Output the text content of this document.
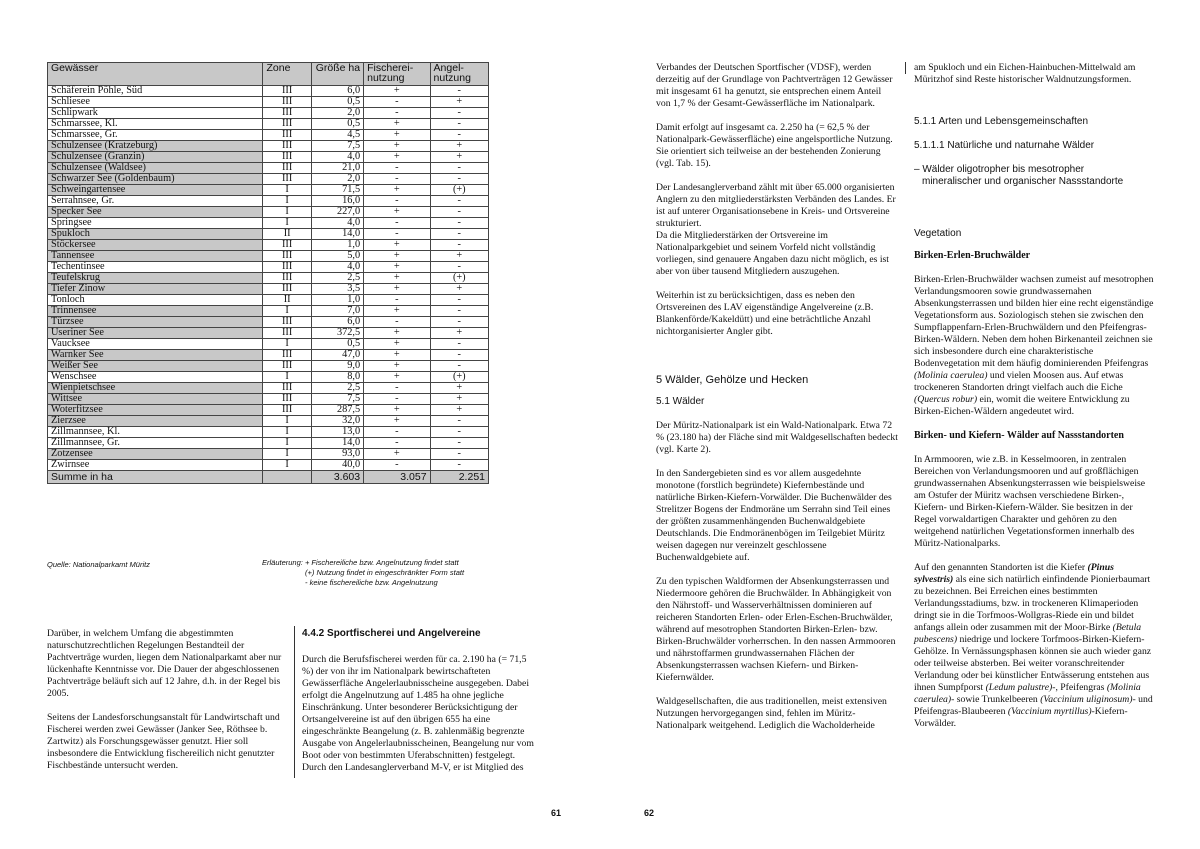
Gewässer	Zone	Größe ha	Fischerei-nutzung	Angel-nutzung
Schäferein Pöhle, Süd	III	6,0	+	-
Schliesee	III	0,5	-	+
Schlipwark	III	2,0	-	-
Schmarssee, Kl.	III	0,5	+	-
Schmarssee, Gr.	III	4,5	+	-
Schulzensee (Kratzeburg)	III	7,5	+	+
Schulzensee (Granzin)	III	4,0	+	+
Schulzensee (Waldsee)	III	21,0	-	-
Schwarzer See (Goldenbaum)	III	2,0	-	-
Schweingartensee	I	71,5	+	(+)
Serrahnsee, Gr.	I	16,0	-	-
Specker See	I	227,0	+	-
Springsee	I	4,0	-	-
Spukloch	II	14,0	-	-
Stöckersee	III	1,0	+	-
Tannensee	III	5,0	+	+
Techentinsee	III	4,0	+	-
Teufelskrug	III	2,5	+	(+)
Tiefer Zinow	III	3,5	+	+
Tonloch	II	1,0	-	-
Trinnensee	I	7,0	+	-
Türzsee	III	6,0	-	-
Useriner See	III	372,5	+	+
Vaucksee	I	0,5	+	-
Warnker See	III	47,0	+	-
Weißer See	III	9,0	+	-
Wenschsee	I	8,0	+	(+)
Wienpietschsee	III	2,5	-	+
Wittsee	III	7,5	-	+
Woterfitzsee	III	287,5	+	+
Zierzsee	I	32,0	+	-
Zillmannsee, Kl.	I	13,0	-	-
Zillmannsee, Gr.	I	14,0	-	-
Zotzensee	I	93,0	+	-
Zwirnsee	I	40,0	-	-
Summe in ha		3.603	3.057	2.251
Quelle: Nationalparkamt Müritz	Erläuterung: + Fischereiliche bzw. Angelnutzung findet statt
(+) Nutzung findet in eingeschränkter Form statt
- keine fischereiliche bzw. Angelnutzung

Darüber, in welchem Umfang die abgestimmten naturschutzrechtlichen Regelungen Bestandteil der Pachtverträge wurden, liegen dem Nationalparkamt aber nur lückenhafte Kenntnisse vor. Die Dauer der abgeschlossenen Pachtverträge beläuft sich auf 12 Jahre, d.h. in der Regel bis 2005.

Seitens der Landesforschungsanstalt für Landwirtschaft und Fischerei werden zwei Gewässer (Janker See, Röthsee b. Zartwitz) als Forschungsgewässer genutzt. Hier soll insbesondere die Entwicklung fischereilich nicht genutzter Fischbestände untersucht werden.

4.4.2 Sportfischerei und Angelvereine

Durch die Berufsfischerei werden für ca. 2.190 ha (= 71,5 %) der von ihr im Nationalpark bewirtschafteten Gewässerfläche Angelerlaubnisscheine ausgegeben. Dabei erfolgt die Angelnutzung auf 1.485 ha ohne jegliche Einschränkung. Unter besonderer Berücksichtigung der Ortsangelvereine ist auf den übrigen 655 ha eine eingeschränkte Beangelung (z. B. zahlenmäßig begrenzte Ausgabe von Angelerlaubnisscheinen, Beangelung nur vom Boot oder von bestimmten Uferabschnitten) festgelegt. Durch den Landesanglerverband M-V, er ist Mitglied des

61

Verbandes der Deutschen Sportfischer (VDSF), werden derzeitig auf der Grundlage von Pachtverträgen 12 Gewässer mit insgesamt 61 ha genutzt, sie entsprechen einem Anteil von 1,7 % der Gesamt-Gewässerfläche im Nationalpark.

Damit erfolgt auf insgesamt ca. 2.250 ha (= 62,5 % der Nationalpark-Gewässerfläche) eine angelsportliche Nutzung. Sie orientiert sich teilweise an der bestehenden Zonierung (vgl. Tab. 15).

Der Landesanglerverband zählt mit über 65.000 organisierten Anglern zu den mitgliederstärksten Verbänden des Landes. Er ist auf unterer Organisationsebene in Kreis- und Ortsvereine strukturiert.

Da die Mitgliederstärken der Ortsvereine im Nationalparkgebiet und seinem Vorfeld nicht vollständig vorliegen, sind genauere Angaben dazu nicht möglich, es ist aber von über tausend Mitgliedern auszugehen.

Weiterhin ist zu berücksichtigen, dass es neben den Ortsvereinen des LAV eigenständige Angelvereine (z.B. Blankenförde/Kakeldütt) und eine beträchtliche Anzahl nichtorganisierter Angler gibt.

5 Wälder, Gehölze und Hecken
5.1 Wälder

Der Müritz-Nationalpark ist ein Wald-Nationalpark. Etwa 72 % (23.180 ha) der Fläche sind mit Waldgesellschaften bedeckt (vgl. Karte 2).

In den Sandergebieten sind es vor allem ausgedehnte monotone (forstlich begründete) Kiefernbestände und natürliche Birken-Kiefern-Vorwälder. Die Buchenwälder des Strelitzer Bogens der Endmoräne um Serrahn sind Teil eines der größten zusammenhängenden Buchenwaldgebiete Deutschlands. Die Endmoränenbögen im Teilgebiet Müritz weisen dagegen nur vereinzelt geschlossene Buchenwaldgebiete auf.

Zu den typischen Waldformen der Absenkungsterrassen und Niedermoore gehören die Bruchwälder. In Abhängigkeit von den Nährstoff- und Wasserverhältnissen dominieren auf reicheren Standorten Erlen- oder Erlen-Eschen-Bruchwälder, während auf mesotrophen Standorten Birken-Erlen- bzw. Birken-Bruchwälder vorherrschen. In den nassen Armmooren und nährstoffarmen grundwassernahen Flächen der Absenkungsterrassen wachsen Kiefern- und Birken-Kiefernwälder.

Waldgesellschaften, die aus traditionellen, meist extensiven Nutzungen hervorgegangen sind, fehlen im Müritz-Nationalpark weitgehend. Lediglich die Wacholderheide

am Spukloch und ein Eichen-Hainbuchen-Mittelwald am Müritzhof sind Reste historischer Waldnutzungsformen.

5.1.1 Arten und Lebensgemeinschaften
5.1.1.1 Natürliche und naturnahe Wälder
– Wälder oligotropher bis mesotropher
mineralischer und organischer Nassstandorte
Vegetation
Birken-Erlen-Bruchwälder

Birken-Erlen-Bruchwälder wachsen zumeist auf mesotrophen Verlandungsmooren sowie grundwassernahen Absenkungsterrassen und bilden hier eine recht eigenständige Vegetationsform aus. Soziologisch stehen sie zwischen den Sumpflappenfarn-Erlen-Bruchwäldern und den Pfeifengras-Birken-Wäldern. Neben dem hohen Birkenanteil zeichnen sie sich insbesondere durch eine charakteristische Bodenvegetation mit dem häufig dominierenden Pfeifengras (Molinia caerulea) und vielen Moosen aus. Auf etwas trockeneren Standorten dringt vielfach auch die Eiche (Quercus robur) ein, womit die weitere Entwicklung zu Birken-Eichen-Wäldern angedeutet wird.

Birken- und Kiefern- Wälder auf Nassstandorten

In Armmooren, wie z.B. in Kesselmooren, in zentralen Bereichen von Verlandungsmooren und auf großflächigen grundwassernahen Absenkungsterrassen wie beispielsweise am Ostufer der Müritz wachsen verschiedene Birken-, Kiefern- und Birken-Kiefern-Wälder. Sie besitzen in der Regel vorwaldartigen Charakter und gehören zu den weitgehend natürlichen Vegetationsformen innerhalb des Müritz-Nationalparks.

Auf den genannten Standorten ist die Kiefer (Pinus sylvestris) als eine sich natürlich einfindende Pionierbaumart zu bezeichnen. Bei Erreichen eines bestimmten Verlandungsstadiums, bzw. in trockeneren Klimaperioden dringt sie in die Torfmoos-Wollgras-Riede ein und bildet anfangs allein oder zusammen mit der Moor-Birke (Betula pubescens) niedrige und lockere Torfmoos-Birken-Kiefern-Gehölze. In Vernässungsphasen können sie auch wieder ganz oder teilweise absterben. Bei weiter voranschreitender Verlandung oder bei künstlicher Entwässerung entstehen aus ihnen Sumpfporst (Ledum palustre)-, Pfeifengras (Molinia caerulea)- sowie Trunkelbeeren (Vaccinium uliginosum)- und Pfeifengras-Blaubeeren (Vaccinium myrtillus)-Kiefern-Vorwälder.

62
